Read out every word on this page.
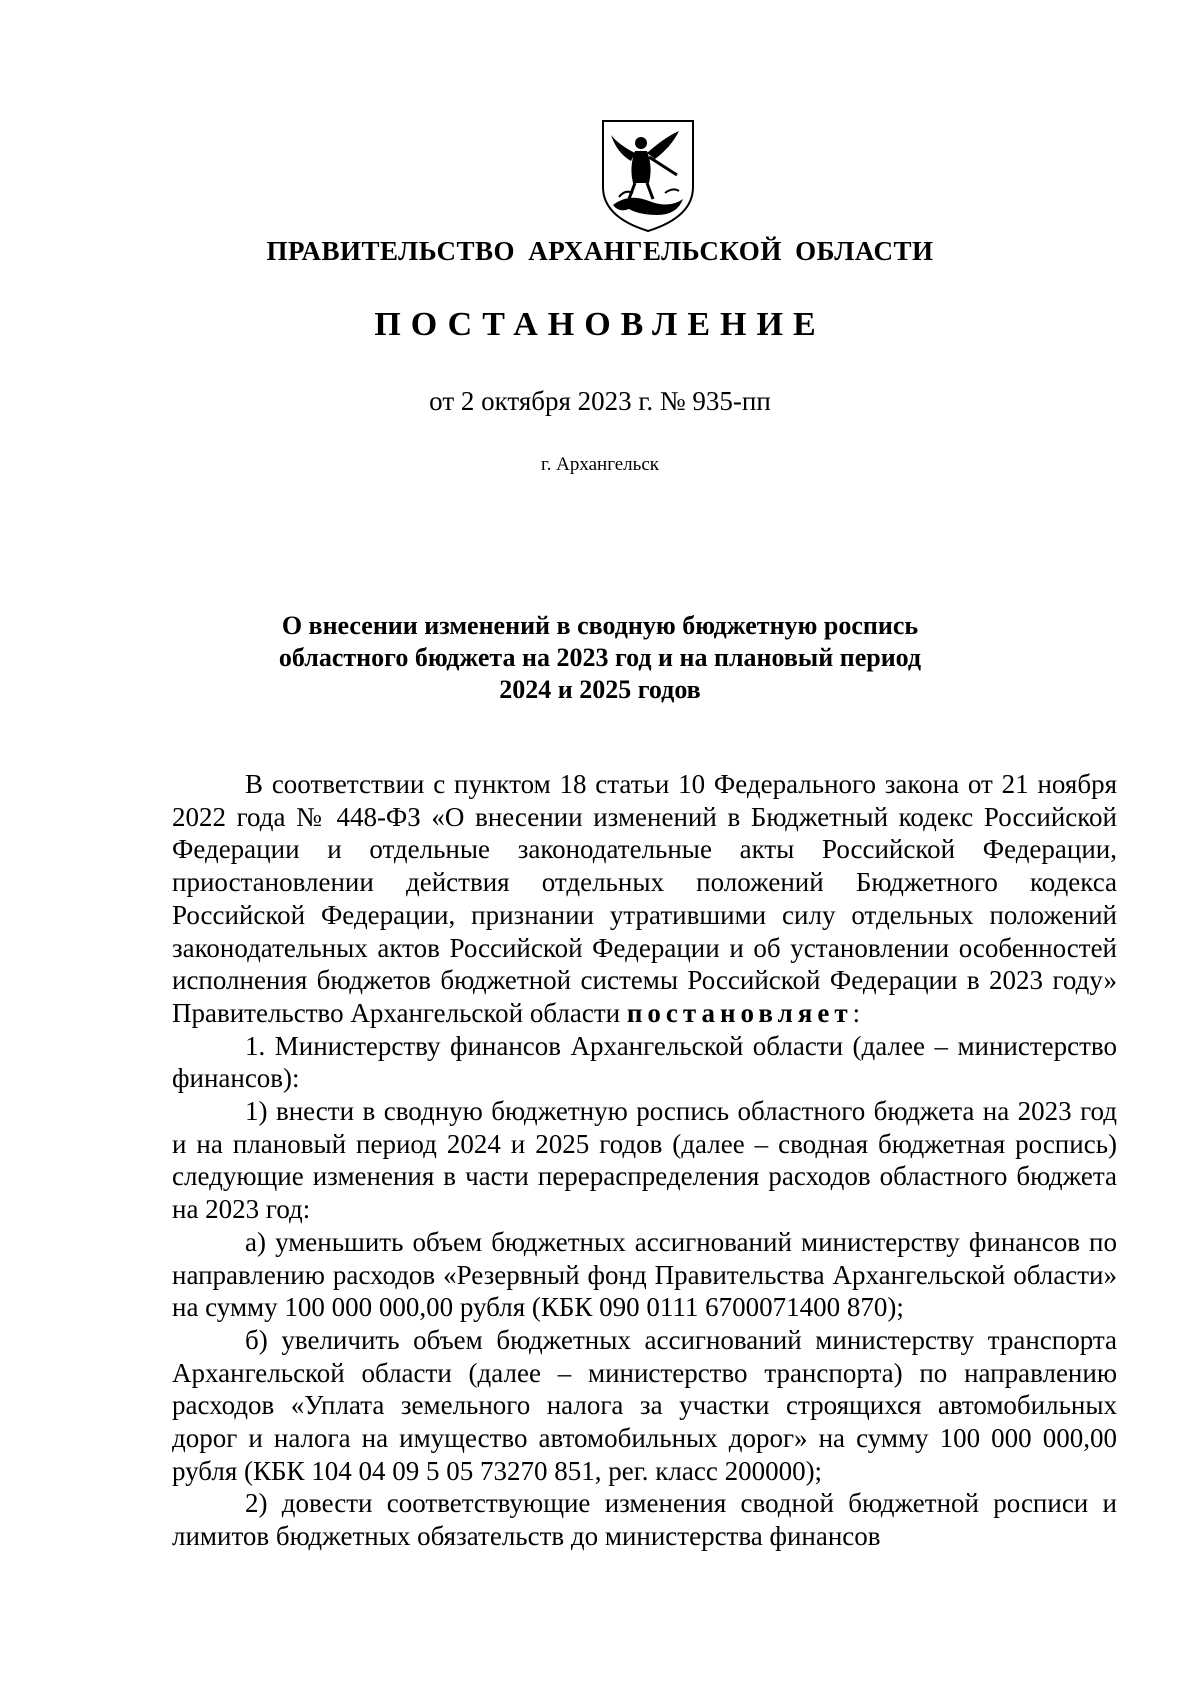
ПРАВИТЕЛЬСТВО АРХАНГЕЛЬСКОЙ ОБЛАСТИ
ПОСТАНОВЛЕНИЕ
от 2 октября 2023 г. № 935-пп
г. Архангельск
О внесении изменений в сводную бюджетную роспись
областного бюджета на 2023 год и на плановый период
2024 и 2025 годов

В соответствии с пунктом 18 статьи 10 Федерального закона от 21 ноября 2022 года № 448-ФЗ «О внесении изменений в Бюджетный кодекс Российской Федерации и отдельные законодательные акты Российской Федерации, приостановлении действия отдельных положений Бюджетного кодекса Российской Федерации, признании утратившими силу отдельных положений законодательных актов Российской Федерации и об установлении особенностей исполнения бюджетов бюджетной системы Российской Федерации в 2023 году» Правительство Архангельской области постановляет:

1. Министерству финансов Архангельской области (далее – министерство финансов):

1) внести в сводную бюджетную роспись областного бюджета на 2023 год и на плановый период 2024 и 2025 годов (далее – сводная бюджетная роспись) следующие изменения в части перераспределения расходов областного бюджета на 2023 год:

а) уменьшить объем бюджетных ассигнований министерству финансов по направлению расходов «Резервный фонд Правительства Архангельской области» на сумму 100 000 000,00 рубля (КБК 090 0111 6700071400 870);

б) увеличить объем бюджетных ассигнований министерству транспорта Архангельской области (далее – министерство транспорта) по направлению расходов «Уплата земельного налога за участки строящихся автомобильных дорог и налога на имущество автомобильных дорог» на сумму 100 000 000,00 рубля (КБК 104 04 09 5 05 73270 851, рег. класс 200000);

2) довести соответствующие изменения сводной бюджетной росписи и лимитов бюджетных обязательств до министерства финансов
